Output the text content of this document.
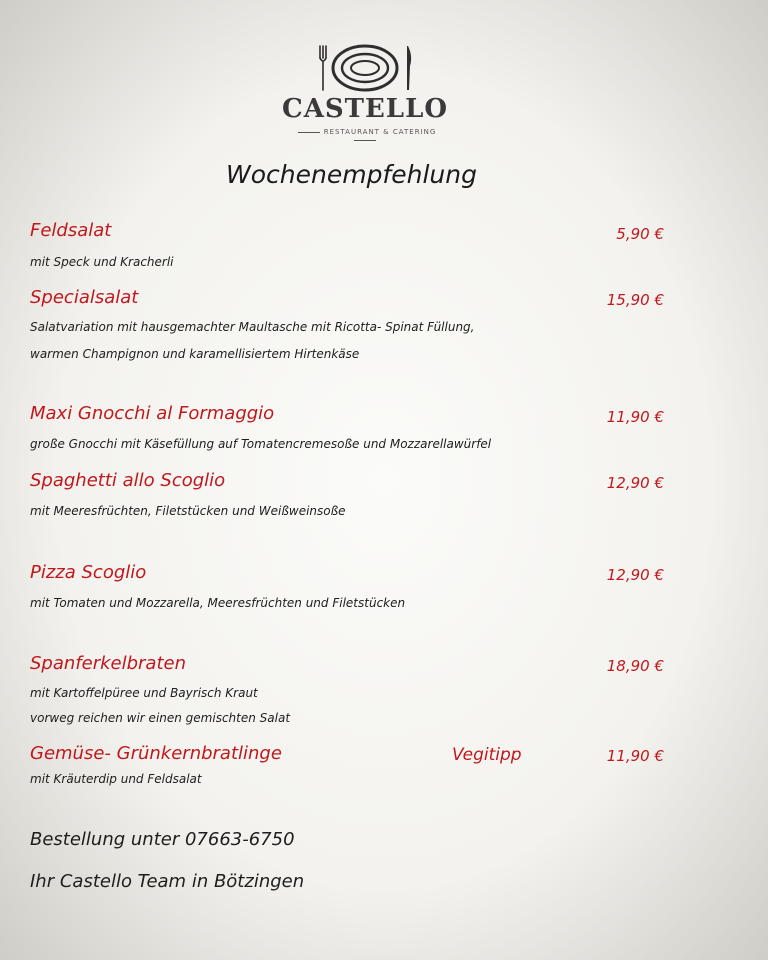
CASTELLO
RESTAURANT & CATERING
Wochenempfehlung
Feldsalat	5,90 €
mit Speck und Kracherli
Specialsalat	15,90 €
Salatvariation mit hausgemachter Maultasche mit Ricotta- Spinat Füllung,
warmen Champignon und karamellisiertem Hirtenkäse
Maxi Gnocchi al Formaggio	11,90 €
große Gnocchi mit Käsefüllung auf Tomatencremesoße und Mozzarellawürfel
Spaghetti allo Scoglio	12,90 €
mit Meeresfrüchten, Filetstücken und Weißweinsoße
Pizza Scoglio	12,90 €
mit Tomaten und Mozzarella, Meeresfrüchten und Filetstücken
Spanferkelbraten	18,90 €
mit Kartoffelpüree und Bayrisch Kraut
vorweg reichen wir einen gemischten Salat
Gemüse- Grünkernbratlinge	Vegitipp	11,90 €
mit Kräuterdip und Feldsalat
Bestellung unter 07663-6750
Ihr Castello Team in Bötzingen
